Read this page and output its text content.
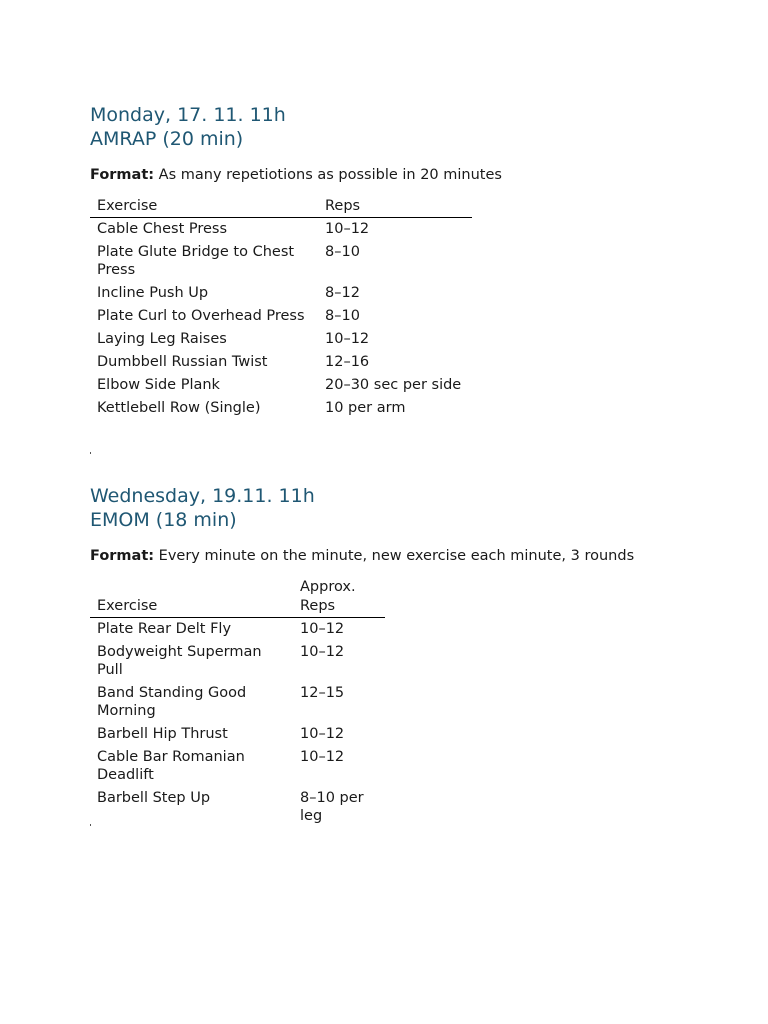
Monday, 17. 11. 11h
AMRAP (20 min)
Format: As many repetiotions as possible in 20 minutes
Exercise	Reps
Cable Chest Press	10–12
Plate Glute Bridge to Chest Press	8–10
Incline Push Up	8–12
Plate Curl to Overhead Press	8–10
Laying Leg Raises	10–12
Dumbbell Russian Twist	12–16
Elbow Side Plank	20–30 sec per side
Kettlebell Row (Single)	10 per arm
Wednesday, 19.11. 11h
EMOM (18 min)
Format: Every minute on the minute, new exercise each minute, 3 rounds
Exercise	Approx. Reps
Plate Rear Delt Fly	10–12
Bodyweight Superman Pull	10–12
Band Standing Good Morning	12–15
Barbell Hip Thrust	10–12
Cable Bar Romanian Deadlift	10–12
Barbell Step Up	8–10 per leg
